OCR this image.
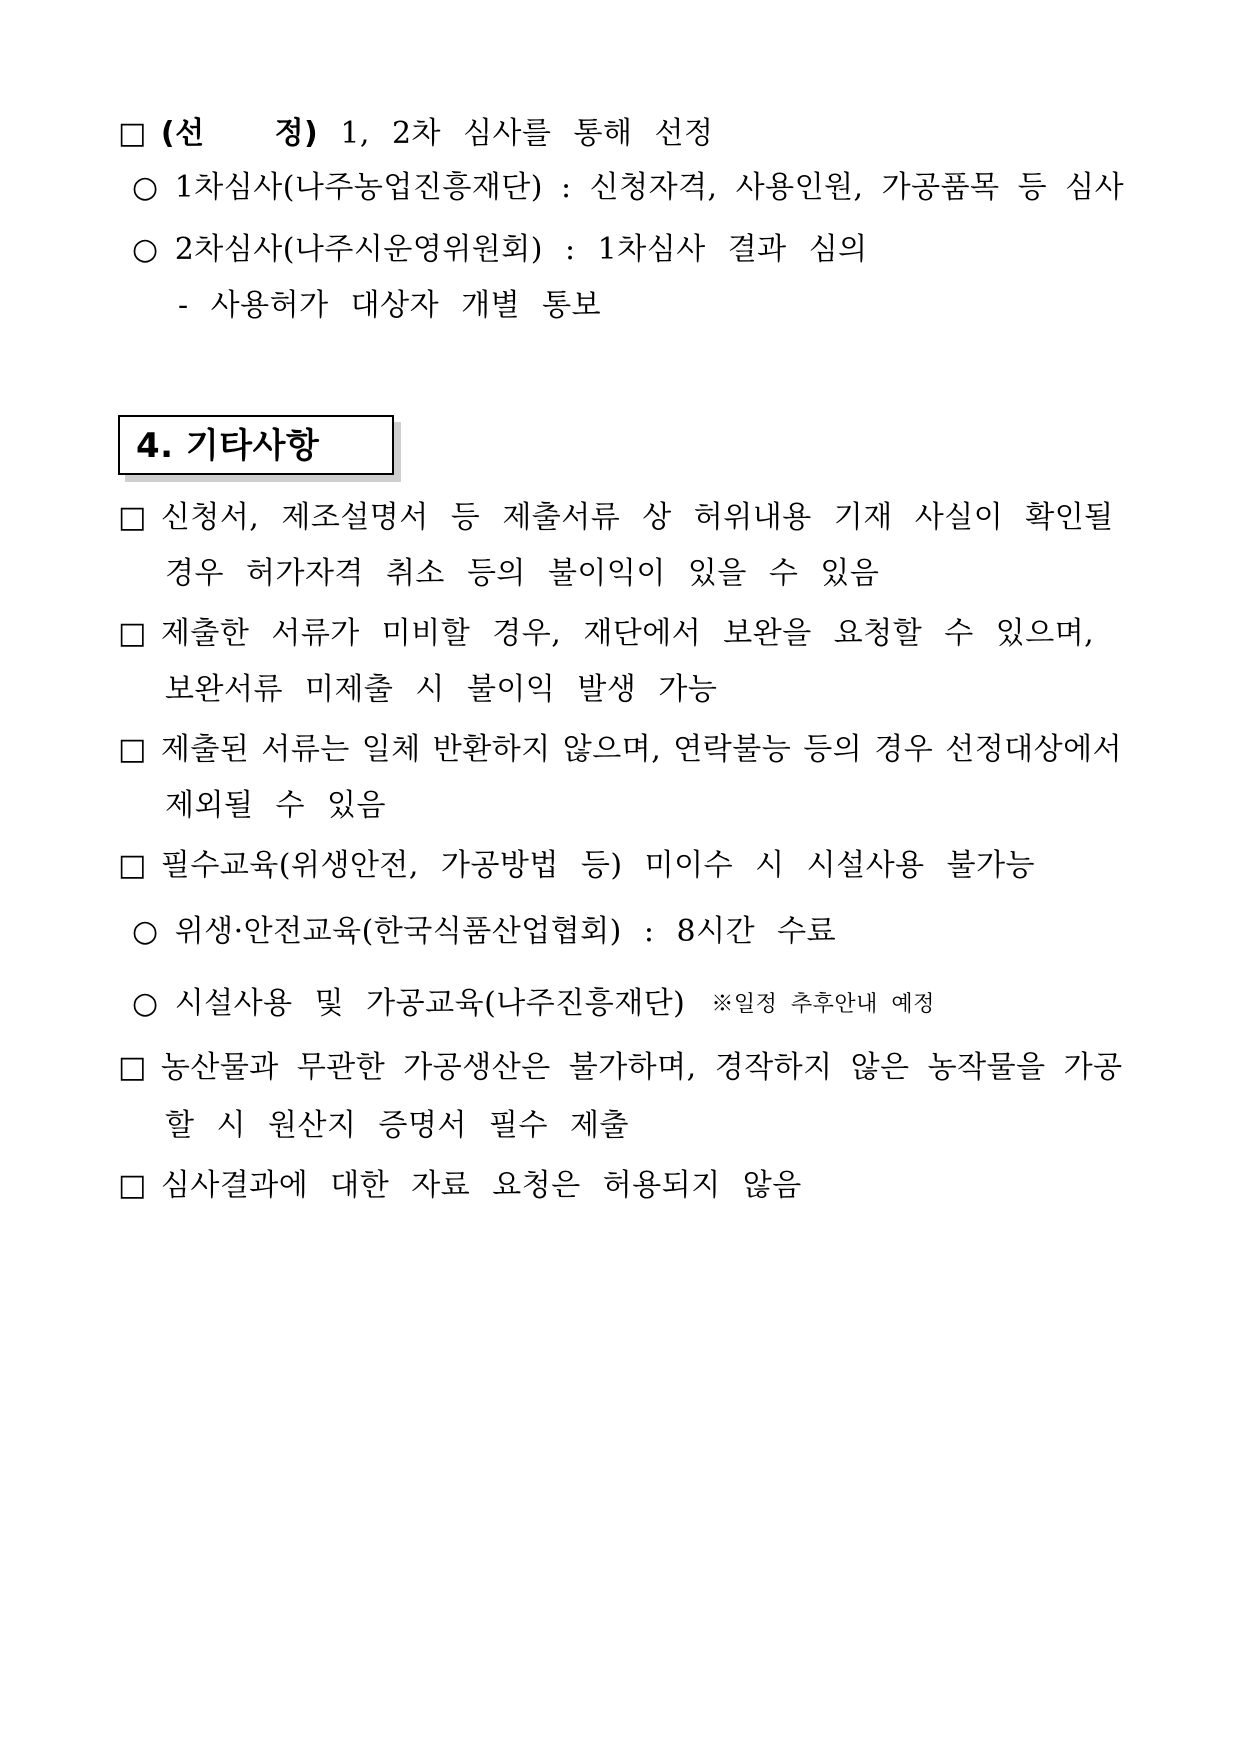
□ (선 정) 1, 2차 심사를 통해 선정
○ 1차심사(나주농업진흥재단) : 신청자격, 사용인원, 가공품목 등 심사
○ 2차심사(나주시운영위원회) : 1차심사 결과 심의
- 사용허가 대상자 개별 통보
4. 기타사항
□ 신청서, 제조설명서 등 제출서류 상 허위내용 기재 사실이 확인될
경우 허가자격 취소 등의 불이익이 있을 수 있음
□ 제출한 서류가 미비할 경우, 재단에서 보완을 요청할 수 있으며,
보완서류 미제출 시 불이익 발생 가능
□ 제출된 서류는 일체 반환하지 않으며, 연락불능 등의 경우 선정대상에서
제외될 수 있음
□ 필수교육(위생안전, 가공방법 등) 미이수 시 시설사용 불가능
○ 위생·안전교육(한국식품산업협회) : 8시간 수료
○ 시설사용 및 가공교육(나주진흥재단) ※일정 추후안내 예정
□ 농산물과 무관한 가공생산은 불가하며, 경작하지 않은 농작물을 가공
할 시 원산지 증명서 필수 제출
□ 심사결과에 대한 자료 요청은 허용되지 않음
